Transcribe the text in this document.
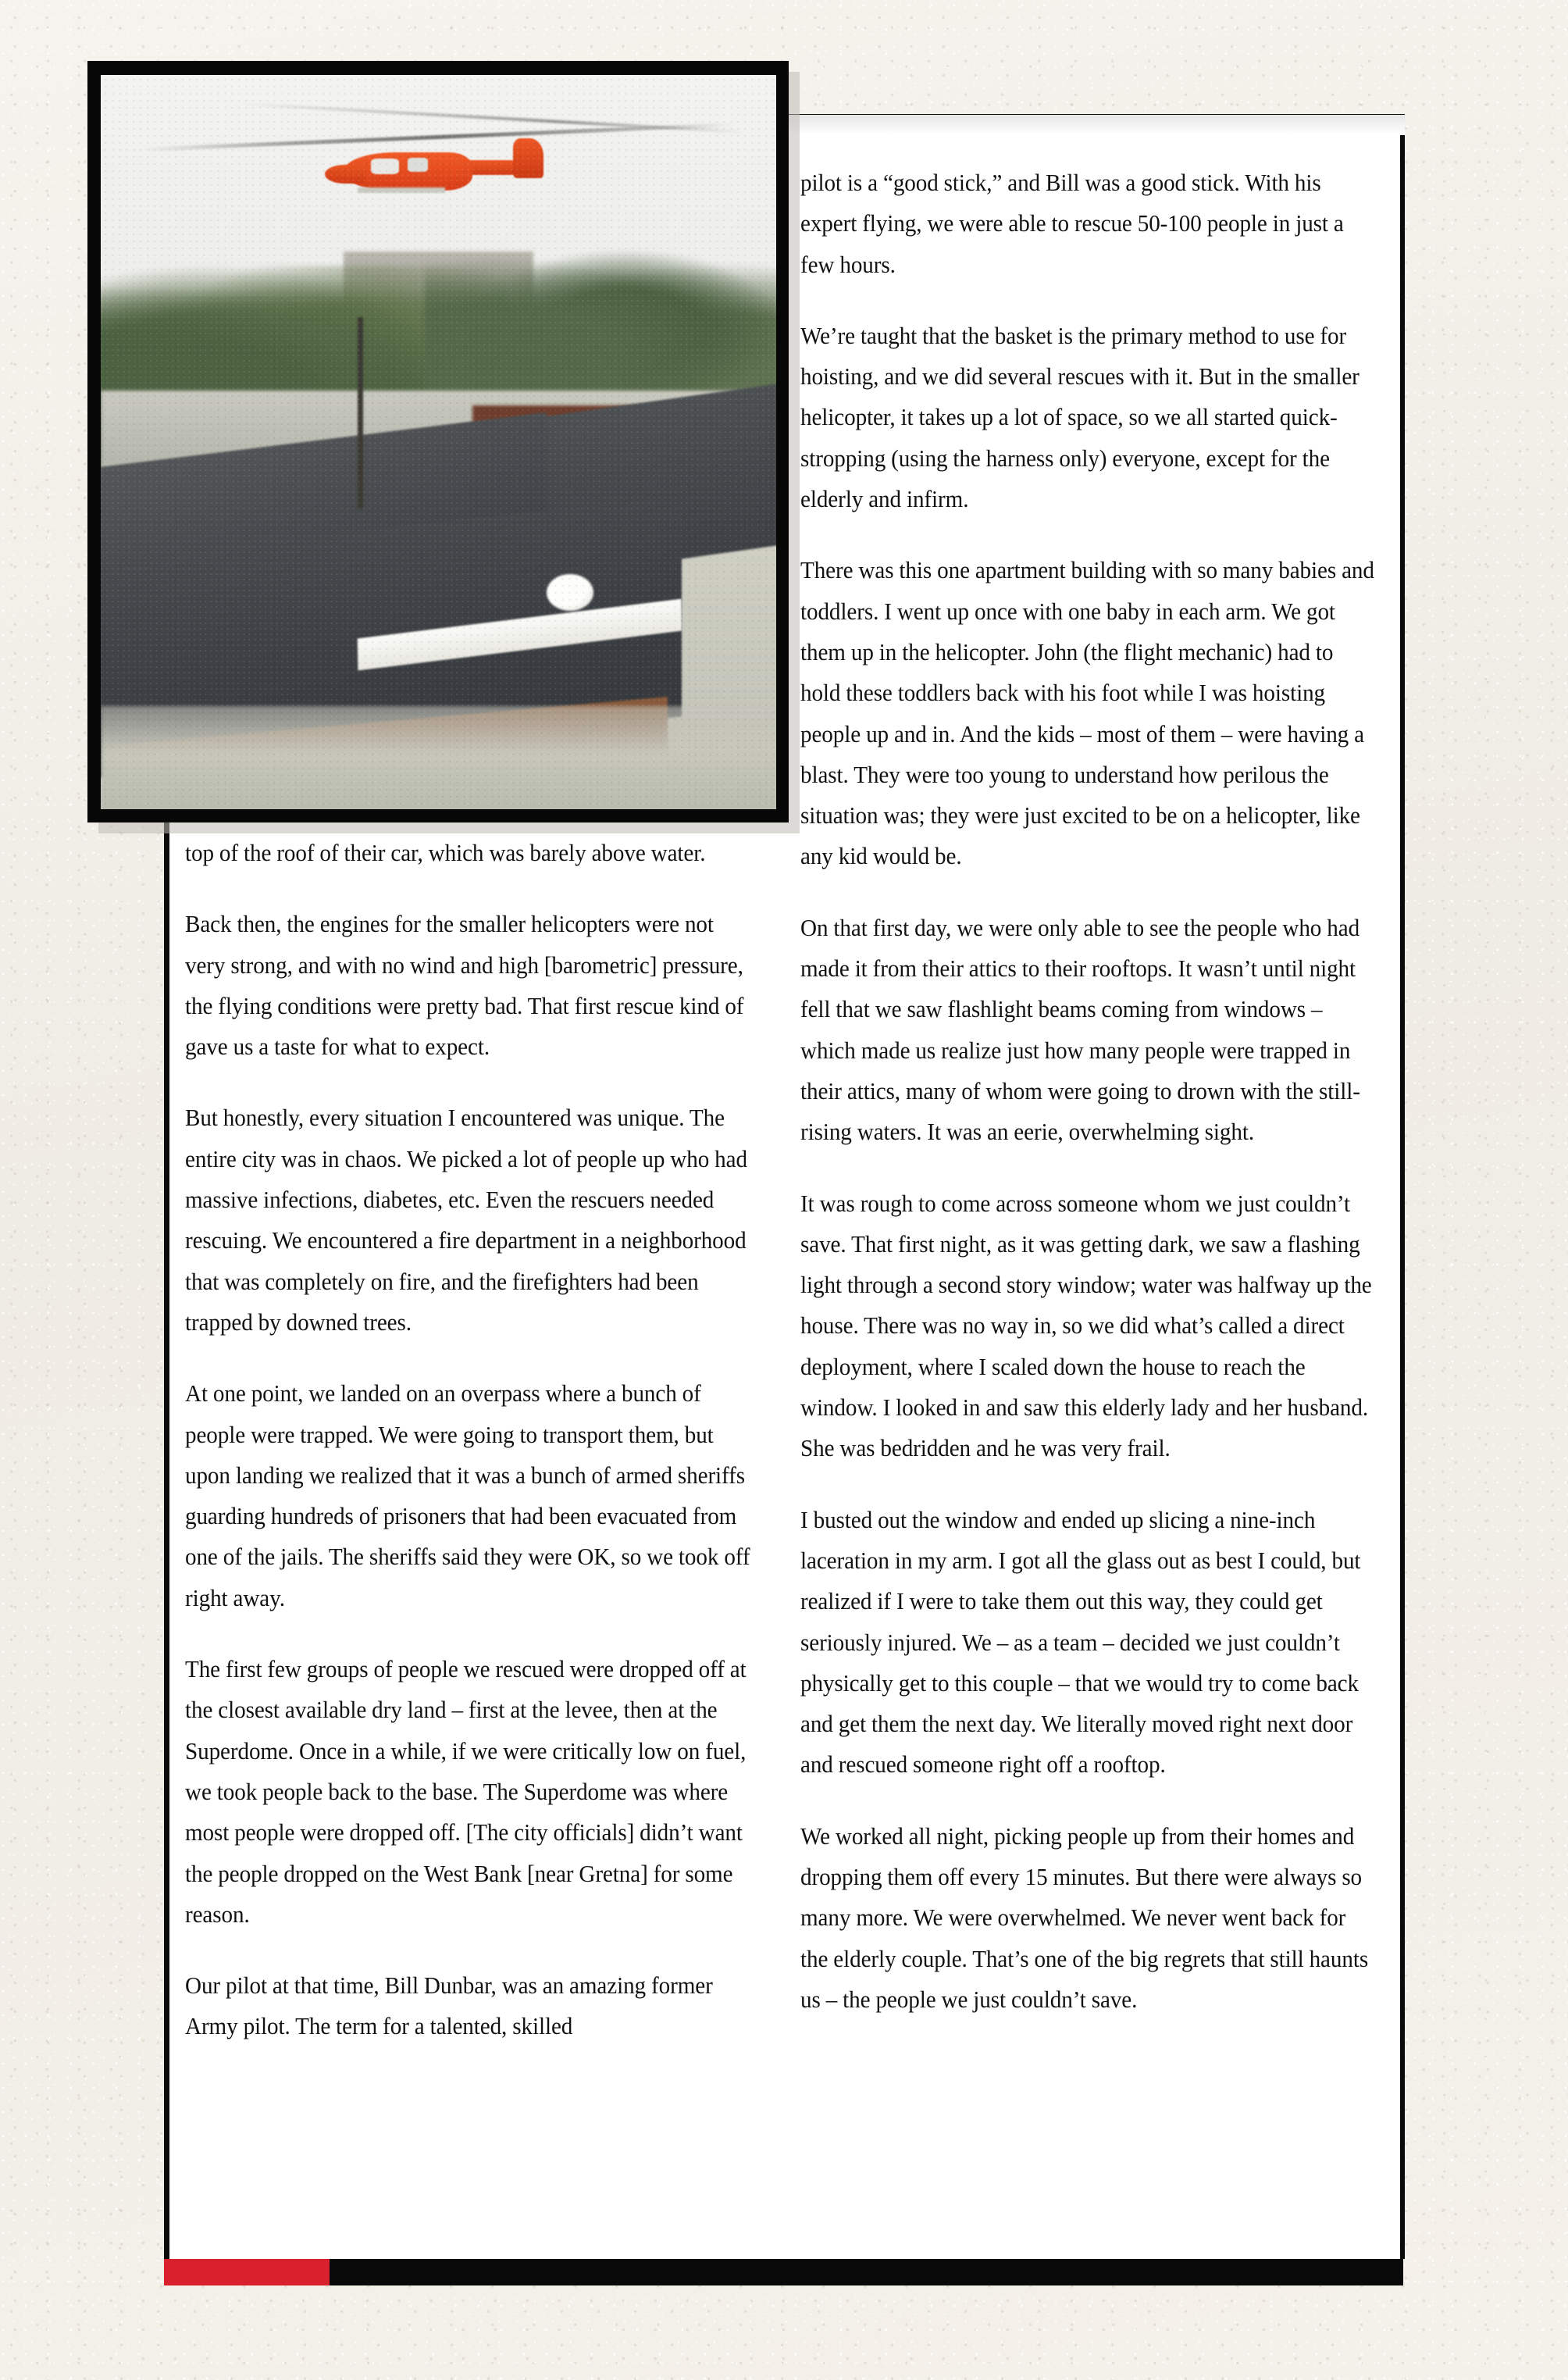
top of the roof of their car, which was barely above water.

Back then, the engines for the smaller helicopters were not very strong, and with no wind and high [barometric] pressure, the flying conditions were pretty bad. That first rescue kind of gave us a taste for what to expect.

But honestly, every situation I encountered was unique. The entire city was in chaos. We picked a lot of people up who had massive infections, diabetes, etc. Even the rescuers needed rescuing. We encountered a fire department in a neighborhood that was completely on fire, and the firefighters had been trapped by downed trees.

At one point, we landed on an overpass where a bunch of people were trapped. We were going to transport them, but upon landing we realized that it was a bunch of armed sheriffs guarding hundreds of prisoners that had been evacuated from one of the jails. The sheriffs said they were OK, so we took off right away.

The first few groups of people we rescued were dropped off at the closest available dry land – first at the levee, then at the Superdome. Once in a while, if we were critically low on fuel, we took people back to the base. The Superdome was where most people were dropped off. [The city officials] didn’t want the people dropped on the West Bank [near Gretna] for some reason.

Our pilot at that time, Bill Dunbar, was an amazing former Army pilot. The term for a talented, skilled

pilot is a “good stick,” and Bill was a good stick. With his expert flying, we were able to rescue 50-100 people in just a few hours.

We’re taught that the basket is the primary method to use for hoisting, and we did several rescues with it. But in the smaller helicopter, it takes up a lot of space, so we all started quick-stropping (using the harness only) everyone, except for the elderly and infirm.

There was this one apartment building with so many babies and toddlers. I went up once with one baby in each arm. We got them up in the helicopter. John (the flight mechanic) had to hold these toddlers back with his foot while I was hoisting people up and in. And the kids – most of them – were having a blast. They were too young to understand how perilous the situation was; they were just excited to be on a helicopter, like any kid would be.

On that first day, we were only able to see the people who had made it from their attics to their rooftops. It wasn’t until night fell that we saw flashlight beams coming from windows – which made us realize just how many people were trapped in their attics, many of whom were going to drown with the still-rising waters. It was an eerie, overwhelming sight.

It was rough to come across someone whom we just couldn’t save. That first night, as it was getting dark, we saw a flashing light through a second story window; water was halfway up the house. There was no way in, so we did what’s called a direct deployment, where I scaled down the house to reach the window. I looked in and saw this elderly lady and her husband. She was bedridden and he was very frail.

I busted out the window and ended up slicing a nine-inch laceration in my arm. I got all the glass out as best I could, but realized if I were to take them out this way, they could get seriously injured. We – as a team – decided we just couldn’t physically get to this couple – that we would try to come back and get them the next day. We literally moved right next door and rescued someone right off a rooftop.

We worked all night, picking people up from their homes and dropping them off every 15 minutes. But there were always so many more. We were overwhelmed. We never went back for the elderly couple. That’s one of the big regrets that still haunts us – the people we just couldn’t save.
